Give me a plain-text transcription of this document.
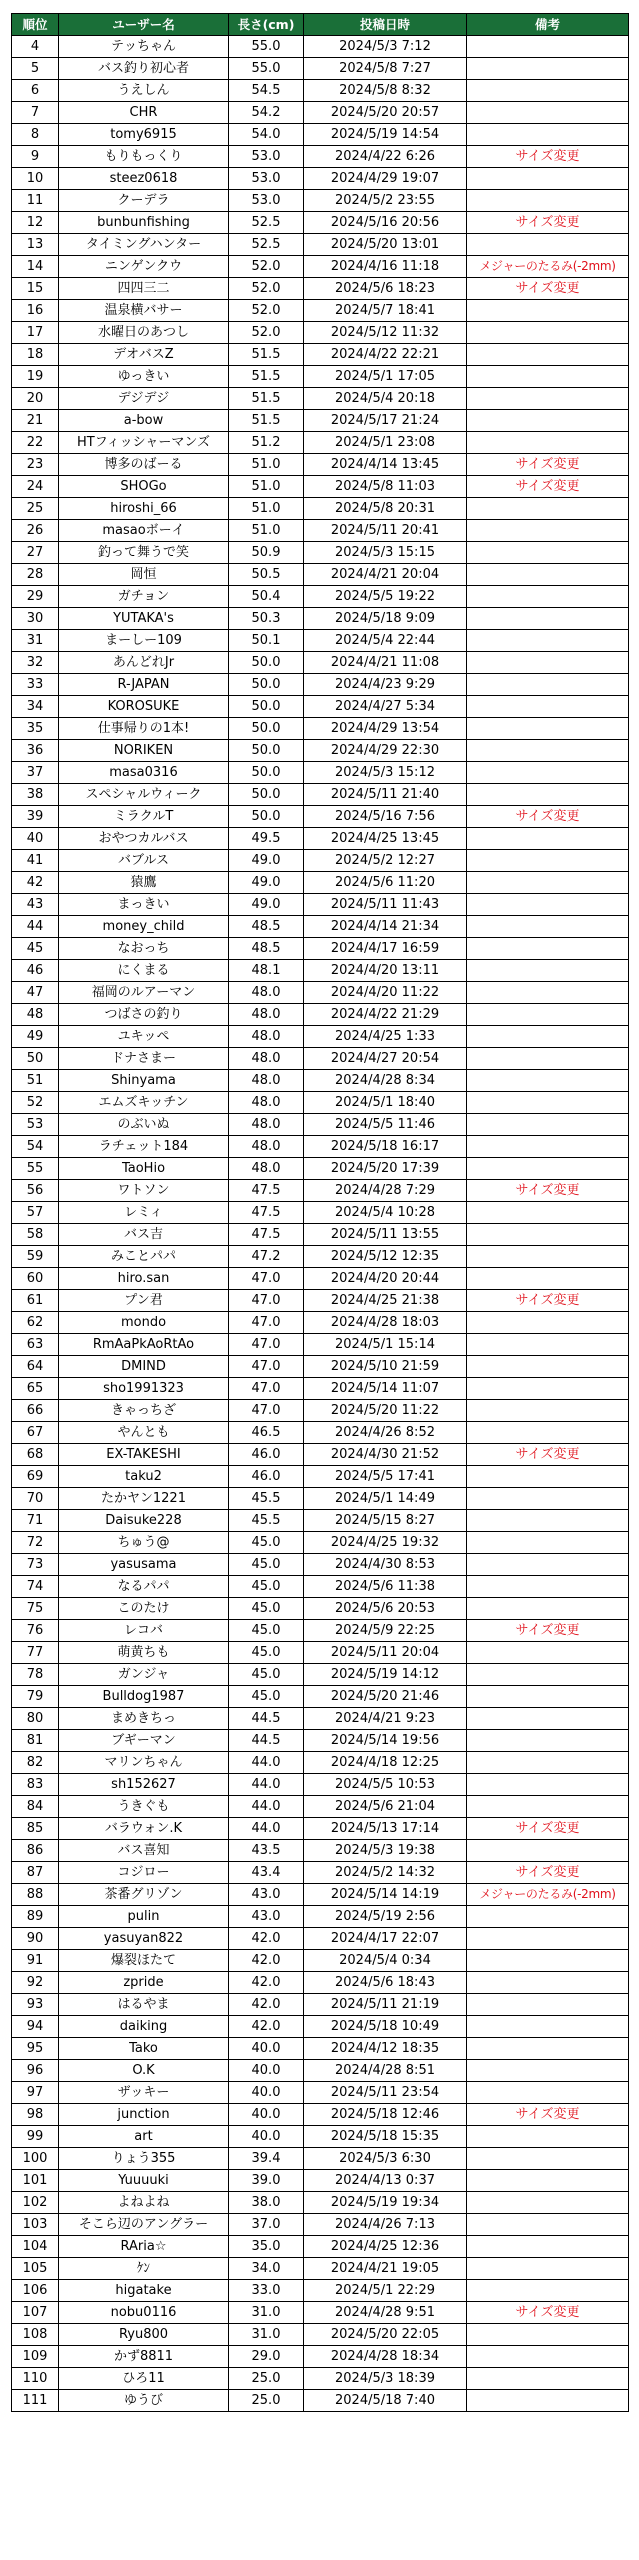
順位	ユーザー名	長さ(cm)	投稿日時	備考
4	テッちゃん	55.0	2024/5/3 7:12	
5	バス釣り初心者	55.0	2024/5/8 7:27	
6	うえしん	54.5	2024/5/8 8:32	
7	CHR	54.2	2024/5/20 20:57	
8	tomy6915	54.0	2024/5/19 14:54	
9	もりもっくり	53.0	2024/4/22 6:26	サイズ変更
10	steez0618	53.0	2024/4/29 19:07	
11	クーデラ	53.0	2024/5/2 23:55	
12	bunbunfishing	52.5	2024/5/16 20:56	サイズ変更
13	タイミングハンター	52.5	2024/5/20 13:01	
14	ニンゲンクウ	52.0	2024/4/16 11:18	メジャーのたるみ(-2mm)
15	四四三二	52.0	2024/5/6 18:23	サイズ変更
16	温泉横バサー	52.0	2024/5/7 18:41	
17	水曜日のあつし	52.0	2024/5/12 11:32	
18	デオバスZ	51.5	2024/4/22 22:21	
19	ゆっきい	51.5	2024/5/1 17:05	
20	デジデジ	51.5	2024/5/4 20:18	
21	a-bow	51.5	2024/5/17 21:24	
22	HTフィッシャーマンズ	51.2	2024/5/1 23:08	
23	博多のばーる	51.0	2024/4/14 13:45	サイズ変更
24	SHOGo	51.0	2024/5/8 11:03	サイズ変更
25	hiroshi_66	51.0	2024/5/8 20:31	
26	masaoボーイ	51.0	2024/5/11 20:41	
27	釣って舞うで笑	50.9	2024/5/3 15:15	
28	岡恒	50.5	2024/4/21 20:04	
29	ガチョン	50.4	2024/5/5 19:22	
30	YUTAKA's	50.3	2024/5/18 9:09	
31	まーしー109	50.1	2024/5/4 22:44	
32	あんどれJr	50.0	2024/4/21 11:08	
33	R-JAPAN	50.0	2024/4/23 9:29	
34	KOROSUKE	50.0	2024/4/27 5:34	
35	仕事帰りの1本!	50.0	2024/4/29 13:54	
36	NORIKEN	50.0	2024/4/29 22:30	
37	masa0316	50.0	2024/5/3 15:12	
38	スペシャルウィーク	50.0	2024/5/11 21:40	
39	ミラクルT	50.0	2024/5/16 7:56	サイズ変更
40	おやつカルバス	49.5	2024/4/25 13:45	
41	バブルス	49.0	2024/5/2 12:27	
42	猿鷹	49.0	2024/5/6 11:20	
43	まっきい	49.0	2024/5/11 11:43	
44	money_child	48.5	2024/4/14 21:34	
45	なおっち	48.5	2024/4/17 16:59	
46	にくまる	48.1	2024/4/20 13:11	
47	福岡のルアーマン	48.0	2024/4/20 11:22	
48	つばさの釣り	48.0	2024/4/22 21:29	
49	ユキッペ	48.0	2024/4/25 1:33	
50	ドナさまー	48.0	2024/4/27 20:54	
51	Shinyama	48.0	2024/4/28 8:34	
52	エムズキッチン	48.0	2024/5/1 18:40	
53	のぶいぬ	48.0	2024/5/5 11:46	
54	ラチェット184	48.0	2024/5/18 16:17	
55	TaoHio	48.0	2024/5/20 17:39	
56	ワトソン	47.5	2024/4/28 7:29	サイズ変更
57	レミィ	47.5	2024/5/4 10:28	
58	バス吉	47.5	2024/5/11 13:55	
59	みことパパ	47.2	2024/5/12 12:35	
60	hiro.san	47.0	2024/4/20 20:44	
61	プン君	47.0	2024/4/25 21:38	サイズ変更
62	mondo	47.0	2024/4/28 18:03	
63	RmAaPkAoRtAo	47.0	2024/5/1 15:14	
64	DMIND	47.0	2024/5/10 21:59	
65	sho1991323	47.0	2024/5/14 11:07	
66	きゃっちざ	47.0	2024/5/20 11:22	
67	やんとも	46.5	2024/4/26 8:52	
68	EX-TAKESHI	46.0	2024/4/30 21:52	サイズ変更
69	taku2	46.0	2024/5/5 17:41	
70	たかヤン1221	45.5	2024/5/1 14:49	
71	Daisuke228	45.5	2024/5/15 8:27	
72	ちゅう@	45.0	2024/4/25 19:32	
73	yasusama	45.0	2024/4/30 8:53	
74	なるパパ	45.0	2024/5/6 11:38	
75	このたけ	45.0	2024/5/6 20:53	
76	レコバ	45.0	2024/5/9 22:25	サイズ変更
77	萌黄ちも	45.0	2024/5/11 20:04	
78	ガンジャ	45.0	2024/5/19 14:12	
79	Bulldog1987	45.0	2024/5/20 21:46	
80	まめきちっ	44.5	2024/4/21 9:23	
81	ブギーマン	44.5	2024/5/14 19:56	
82	マリンちゃん	44.0	2024/4/18 12:25	
83	sh152627	44.0	2024/5/5 10:53	
84	うきぐも	44.0	2024/5/6 21:04	
85	バラウォン.K	44.0	2024/5/13 17:14	サイズ変更
86	バス喜知	43.5	2024/5/3 19:38	
87	コジロー	43.4	2024/5/2 14:32	サイズ変更
88	茶番グリゾン	43.0	2024/5/14 14:19	メジャーのたるみ(-2mm)
89	pulin	43.0	2024/5/19 2:56	
90	yasuyan822	42.0	2024/4/17 22:07	
91	爆裂ほたて	42.0	2024/5/4 0:34	
92	zpride	42.0	2024/5/6 18:43	
93	はるやま	42.0	2024/5/11 21:19	
94	daiking	42.0	2024/5/18 10:49	
95	Tako	40.0	2024/4/12 18:35	
96	O.K	40.0	2024/4/28 8:51	
97	ザッキー	40.0	2024/5/11 23:54	
98	junction	40.0	2024/5/18 12:46	サイズ変更
99	art	40.0	2024/5/18 15:35	
100	りょう355	39.4	2024/5/3 6:30	
101	Yuuuuki	39.0	2024/4/13 0:37	
102	よねよね	38.0	2024/5/19 19:34	
103	そこら辺のアングラー	37.0	2024/4/26 7:13	
104	RAria☆	35.0	2024/4/25 12:36	
105	ｹﾝ	34.0	2024/4/21 19:05	
106	higatake	33.0	2024/5/1 22:29	
107	nobu0116	31.0	2024/4/28 9:51	サイズ変更
108	Ryu800	31.0	2024/5/20 22:05	
109	かず8811	29.0	2024/4/28 18:34	
110	ひろ11	25.0	2024/5/3 18:39	
111	ゆうび	25.0	2024/5/18 7:40	
